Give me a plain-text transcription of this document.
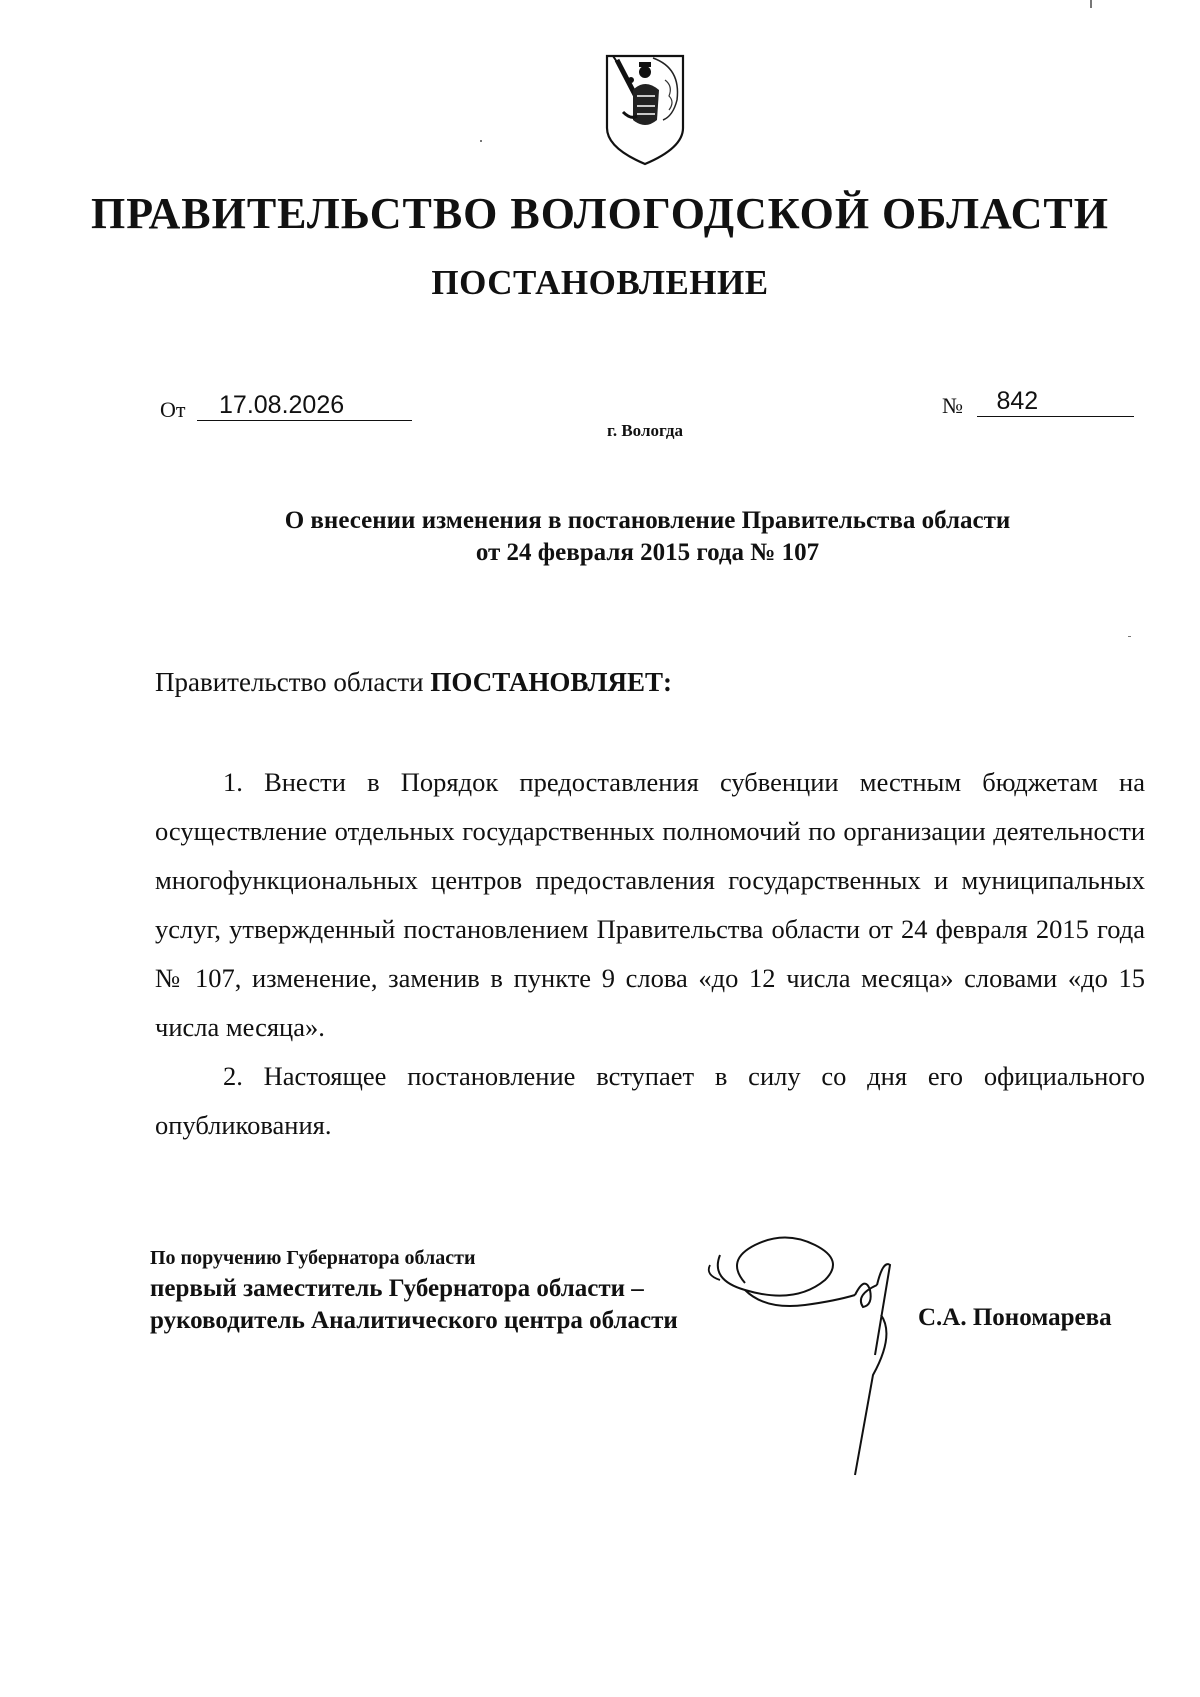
ПРАВИТЕЛЬСТВО ВОЛОГОДСКОЙ ОБЛАСТИ
ПОСТАНОВЛЕНИЕ
От 17.08.2026	№ 842
г. Вологда
О внесении изменения в постановление Правительства области
от 24 февраля 2015 года № 107
Правительство области ПОСТАНОВЛЯЕТ:

1. Внести в Порядок предоставления субвенции местным бюджетам на осуществление отдельных государственных полномочий по организации деятельности многофункциональных центров предоставления государственных и муниципальных услуг, утвержденный постановлением Правительства области от 24 февраля 2015 года № 107, изменение, заменив в пункте 9 слова «до 12 числа месяца» словами «до 15 числа месяца».

2. Настоящее постановление вступает в силу со дня его официального опубликования.

По поручению Губернатора области
первый заместитель Губернатора области –
руководитель Аналитического центра области	С.А. Пономарева
